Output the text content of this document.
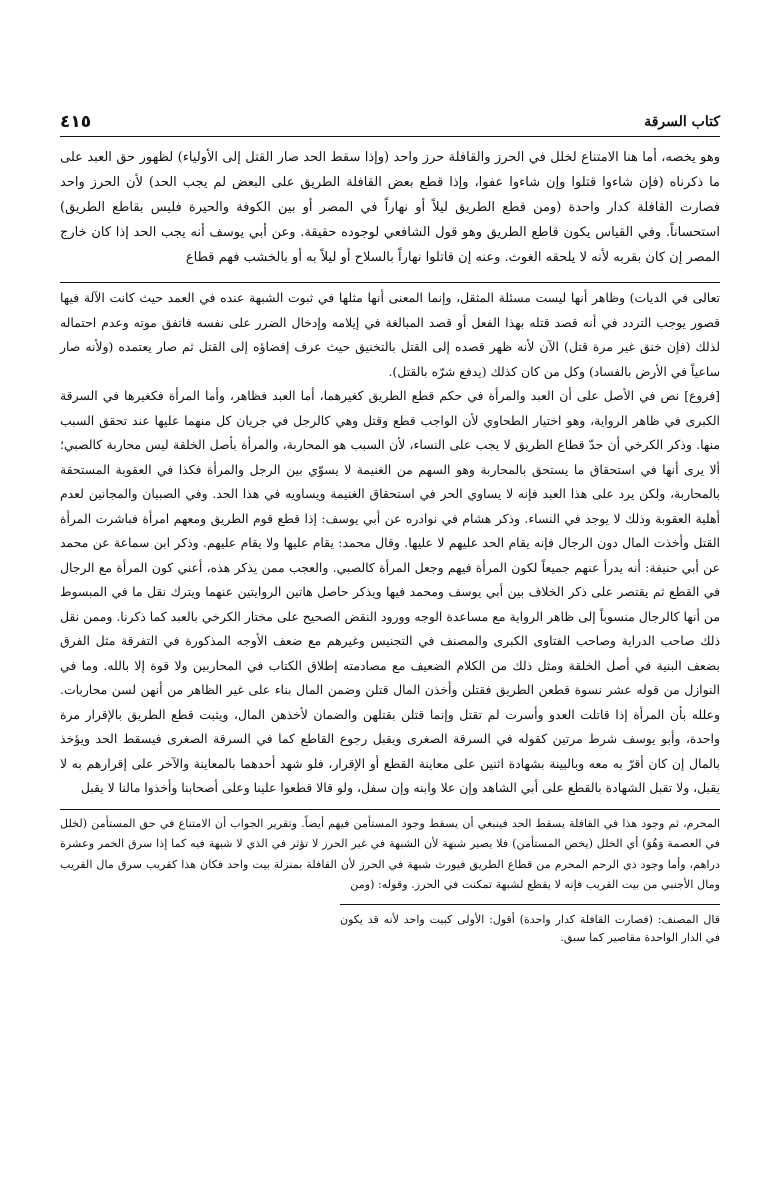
كتاب السرقة
٤١٥
وهو يخصه، أما هنا الامتناع لخلل في الحرز والقافلة حرز واحد (وإذا سقط الحد صار القتل إلى الأولياء) لظهور حق العبد على ما ذكرناه (فإن شاءوا قتلوا وإن شاءوا عفوا، وإذا قطع بعض القافلة الطريق على البعض لم يجب الحد) لأن الحرز واحد فصارت القافلة كدار واحدة (ومن قطع الطريق ليلاً أو نهاراً في المصر أو بين الكوفة والحيرة فليس بقاطع الطريق) استحساناً. وفي القياس يكون قاطع الطريق وهو قول الشافعي لوجوده حقيقة. وعن أبي يوسف أنه يجب الحد إذا كان خارج المصر إن كان بقربه لأنه لا يلحقه الغوث. وعنه إن قاتلوا نهاراً بالسلاح أو ليلاً به أو بالخشب فهم قطاع

تعالى في الديات) وظاهر أنها ليست مسئلة المثقل، وإنما المعنى أنها مثلها في ثبوت الشبهة عنده في العمد حيث كانت الآلة فيها قصور يوجب التردد في أنه قصد قتله بهذا الفعل أو قصد المبالغة في إيلامه وإدخال الضرر على نفسه فاتفق موته وعدم احتماله لذلك (فإن خنق غير مرة قتل) الآن لأنه ظهر قصده إلى القتل بالتخنيق حيث عرف إفضاؤه إلى القتل ثم صار يعتمده (ولأنه صار ساعياً في الأرض بالفساد) وكل من كان كذلك (يدفع شرّه بالقتل).

[فروع] نص في الأصل على أن العبد والمرأة في حكم قطع الطريق كغيرهما، أما العبد فظاهر، وأما المرأة فكغيرها في السرقة الكبرى في ظاهر الرواية، وهو اختيار الطحاوي لأن الواجب قطع وقتل وهي كالرجل في جريان كل منهما عليها عند تحقق السبب منها. وذكر الكرخي أن حدّ قطاع الطريق لا يجب على النساء، لأن السبب هو المحاربة، والمرأة بأصل الخلقة ليس محاربة كالصبي؛ ألا يرى أنها في استحقاق ما يستحق بالمحاربة وهو السهم من الغنيمة لا يسوّي بين الرجل والمرأة فكذا في العقوبة المستحقة بالمحاربة، ولكن يرد على هذا العبد فإنه لا يساوي الحر في استحقاق الغنيمة ويساويه في هذا الحد. وفي الصبيان والمجانين لعدم أهلية العقوبة وذلك لا يوجد في النساء. وذكر هشام في نوادره عن أبي يوسف: إذا قطع قوم الطريق ومعهم امرأة فباشرت المرأة القتل وأخذت المال دون الرجال فإنه يقام الحد عليهم لا عليها. وقال محمد: يقام عليها ولا يقام عليهم. وذكر ابن سماعة عن محمد عن أبي حنيفة: أنه يدرأ عنهم جميعاً لكون المرأة فيهم وجعل المرأة كالصبي. والعجب ممن يذكر هذه، أعني كون المرأة مع الرجال في القطع ثم يقتصر على ذكر الخلاف بين أبي يوسف ومحمد فيها ويذكر حاصل هاتين الروايتين عنهما ويترك نقل ما في المبسوط من أنها كالرجال منسوباً إلى ظاهر الرواية مع مساعدة الوجه وورود النقض الصحيح على مختار الكرخي بالعبد كما ذكرنا. وممن نقل ذلك صاحب الدراية وصاحب الفتاوى الكبرى والمصنف في التجنيس وغيرهم مع ضعف الأوجه المذكورة في التفرقة مثل الفرق بضعف البنية في أصل الخلقة ومثل ذلك من الكلام الضعيف مع مصادمته إطلاق الكتاب في المحاربين ولا قوة إلا بالله. وما في النوازل من قوله عشر نسوة قطعن الطريق فقتلن وأخذن المال قتلن وضمن المال بناء على غير الظاهر من أنهن لسن محاربات. وعلله بأن المرأة إذا قاتلت العدو وأسرت لم تقتل وإنما قتلن بقتلهن والضمان لأخذهن المال، ويثبت قطع الطريق بالإقرار مرة واحدة، وأبو يوسف شرط مرتين كقوله في السرقة الصغرى ويقبل رجوع القاطع كما في السرقة الصغرى فيسقط الحد ويؤخذ بالمال إن كان أقرّ به معه وبالبينة بشهادة اثنين على معاينة القطع أو الإقرار، فلو شهد أحدهما بالمعاينة والآخر على إقرارهم به لا يقبل، ولا تقبل الشهادة بالقطع على أبي الشاهد وإن علا وابنه وإن سفل، ولو قالا قطعوا علينا وعلى أصحابنا وأخذوا مالنا لا يقبل

المحرم، ثم وجود هذا في القافلة يسقط الحد فينبغي أن يسقط وجود المستأمن فيهم أيضاً. وتقرير الجواب أن الامتناع في حق المستأمن (لخلل في العصمة وَهُوَ) أي الخلل (يخص المستأمن) فلا يصير شبهة لأن الشبهة في غير الحرز لا تؤثر في الذي لا شبهة فيه كما إذا سرق الخمر وعشرة دراهم، وأما وجود ذي الرحم المحرم من قطاع الطريق فيورث شبهة في الحرز لأن القافلة بمنزلة بيت واحد فكان هذا كقريب سرق مال القريب ومال الأجنبي من بيت القريب فإنه لا يقطع لشبهة تمكنت في الحرز. وقوله: (ومن
قال المصنف: (فصارت القافلة كدار واحدة) أقول: الأولى كبيت واحد لأنه قد يكون في الدار الواحدة مقاصير كما سبق.
